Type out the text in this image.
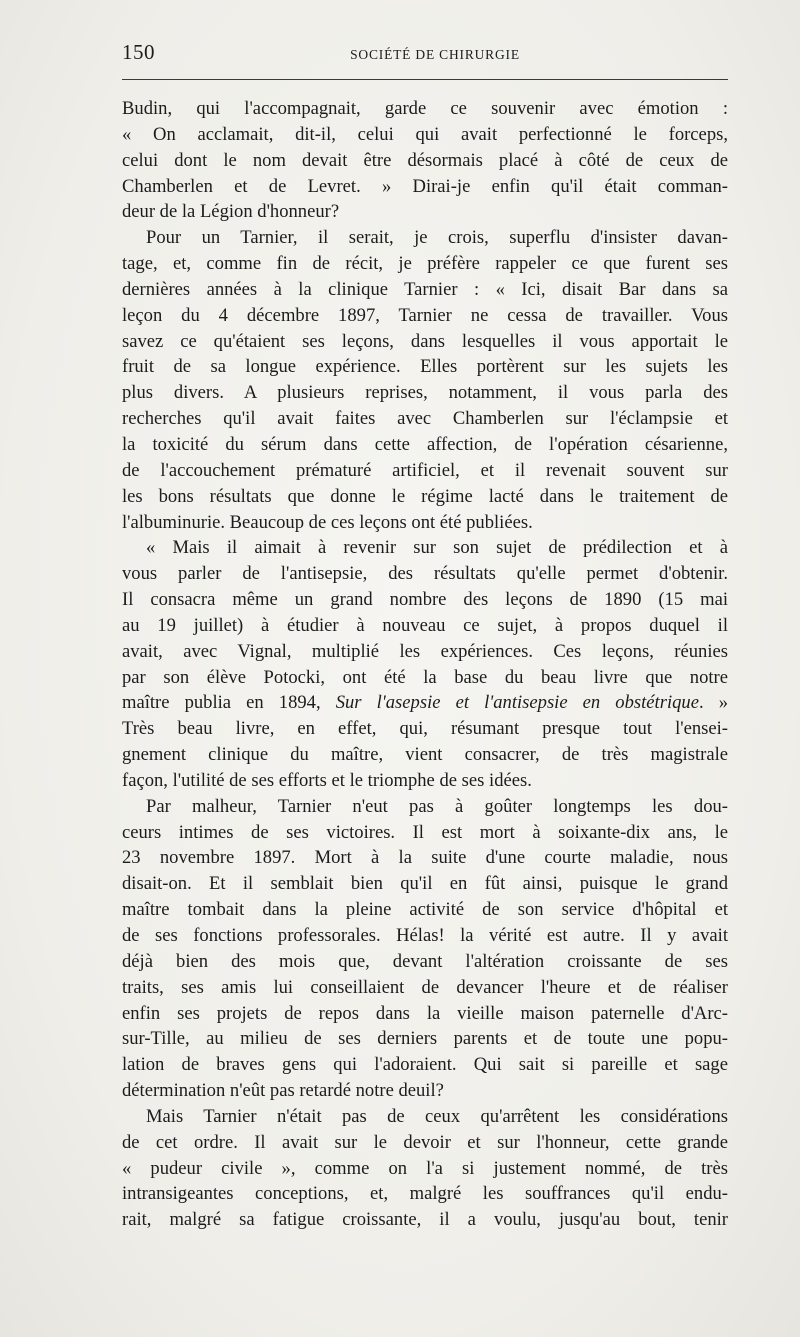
150	SOCIÉTÉ DE CHIRURGIE
Budin, qui l'accompagnait, garde ce souvenir avec émotion :
« On acclamait, dit-il, celui qui avait perfectionné le forceps,
celui dont le nom devait être désormais placé à côté de ceux de
Chamberlen et de Levret. » Dirai-je enfin qu'il était comman-
deur de la Légion d'honneur?
Pour un Tarnier, il serait, je crois, superflu d'insister davan-
tage, et, comme fin de récit, je préfère rappeler ce que furent ses
dernières années à la clinique Tarnier : « Ici, disait Bar dans sa
leçon du 4 décembre 1897, Tarnier ne cessa de travailler. Vous
savez ce qu'étaient ses leçons, dans lesquelles il vous apportait le
fruit de sa longue expérience. Elles portèrent sur les sujets les
plus divers. A plusieurs reprises, notamment, il vous parla des
recherches qu'il avait faites avec Chamberlen sur l'éclampsie et
la toxicité du sérum dans cette affection, de l'opération césarienne,
de l'accouchement prématuré artificiel, et il revenait souvent sur
les bons résultats que donne le régime lacté dans le traitement de
l'albuminurie. Beaucoup de ces leçons ont été publiées.
« Mais il aimait à revenir sur son sujet de prédilection et à
vous parler de l'antisepsie, des résultats qu'elle permet d'obtenir.
Il consacra même un grand nombre des leçons de 1890 (15 mai
au 19 juillet) à étudier à nouveau ce sujet, à propos duquel il
avait, avec Vignal, multiplié les expériences. Ces leçons, réunies
par son élève Potocki, ont été la base du beau livre que notre
maître publia en 1894, Sur l'asepsie et l'antisepsie en obstétrique. »
Très beau livre, en effet, qui, résumant presque tout l'ensei-
gnement clinique du maître, vient consacrer, de très magistrale
façon, l'utilité de ses efforts et le triomphe de ses idées.
Par malheur, Tarnier n'eut pas à goûter longtemps les dou-
ceurs intimes de ses victoires. Il est mort à soixante-dix ans, le
23 novembre 1897. Mort à la suite d'une courte maladie, nous
disait-on. Et il semblait bien qu'il en fût ainsi, puisque le grand
maître tombait dans la pleine activité de son service d'hôpital et
de ses fonctions professorales. Hélas! la vérité est autre. Il y avait
déjà bien des mois que, devant l'altération croissante de ses
traits, ses amis lui conseillaient de devancer l'heure et de réaliser
enfin ses projets de repos dans la vieille maison paternelle d'Arc-
sur-Tille, au milieu de ses derniers parents et de toute une popu-
lation de braves gens qui l'adoraient. Qui sait si pareille et sage
détermination n'eût pas retardé notre deuil?
Mais Tarnier n'était pas de ceux qu'arrêtent les considérations
de cet ordre. Il avait sur le devoir et sur l'honneur, cette grande
« pudeur civile », comme on l'a si justement nommé, de très
intransigeantes conceptions, et, malgré les souffrances qu'il endu-
rait, malgré sa fatigue croissante, il a voulu, jusqu'au bout, tenir
